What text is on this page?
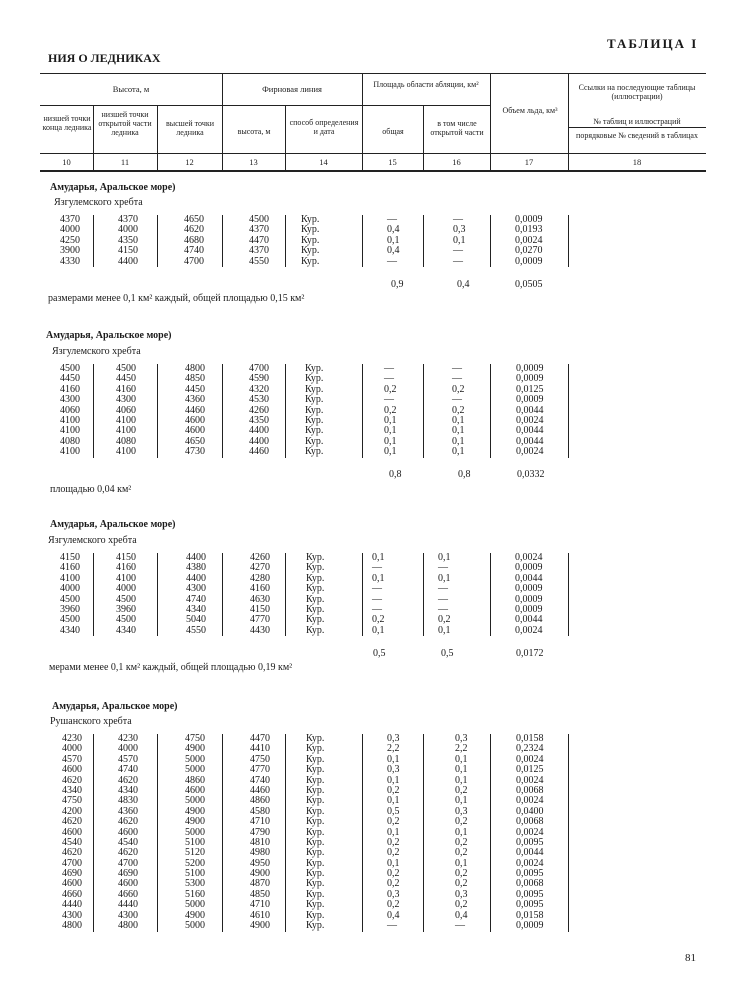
ТАБЛИЦА I
НИЯ О ЛЕДНИКАХ
Высота, м	Фирновая линия	Площадь области абляции, км²
Объем льда, км³
Ссылки на последующие таблицы (иллюстрации)
низшей точки конца ледника
низшей точки открытой части ледника
высшей точки ледника	высота, м
способ определения и дата	общая
в том числе открытой части
№ таблиц и иллюстраций
порядковые № сведений в таблицах
10	11	12	13	14	15	16	17	18
Амударья, Аральское море)
Язгулемского хребта
4370	4370	4650	4500	Кур.	—	—	0,0009
4000	4000	4620	4370	Кур.	0,4	0,3	0,0193
4250	4350	4680	4470	Кур.	0,1	0,1	0,0024
3900	4150	4740	4370	Кур.	0,4	—	0,0270
4330	4400	4700	4550	Кур.	—	—	0,0009
0,9	0,4	0,0505
размерами менее 0,1 км² каждый, общей площадью 0,15 км²
Амударья, Аральское море)
Язгулемского хребта
4500	4500	4800	4700	Кур.	—	—	0,0009
4450	4450	4850	4590	Кур.	—	—	0,0009
4160	4160	4450	4320	Кур.	0,2	0,2	0,0125
4300	4300	4360	4530	Кур.	—	—	0,0009
4060	4060	4460	4260	Кур.	0,2	0,2	0,0044
4100	4100	4600	4350	Кур.	0,1	0,1	0,0024
4100	4100	4600	4400	Кур.	0,1	0,1	0,0044
4080	4080	4650	4400	Кур.	0,1	0,1	0,0044
4100	4100	4730	4460	Кур.	0,1	0,1	0,0024
0,8	0,8	0,0332
площадью 0,04 км²
Амударья, Аральское море)
Язгулемского хребта
4150	4150	4400	4260	Кур.	0,1	0,1	0,0024
4160	4160	4380	4270	Кур.	—	—	0,0009
4100	4100	4400	4280	Кур.	0,1	0,1	0,0044
4000	4000	4300	4160	Кур.	—	—	0,0009
4500	4500	4740	4630	Кур.	—	—	0,0009
3960	3960	4340	4150	Кур.	—	—	0,0009
4500	4500	5040	4770	Кур.	0,2	0,2	0,0044
4340	4340	4550	4430	Кур.	0,1	0,1	0,0024
0,5	0,5	0,0172
мерами менее 0,1 км² каждый, общей площадью 0,19 км²
Амударья, Аральское море)
Рушанского хребта
4230	4230	4750	4470	Кур.	0,3	0,3	0,0158
4000	4000	4900	4410	Кур.	2,2	2,2	0,2324
4570	4570	5000	4750	Кур.	0,1	0,1	0,0024
4600	4740	5000	4770	Кур.	0,3	0,1	0,0125
4620	4620	4860	4740	Кур.	0,1	0,1	0,0024
4340	4340	4600	4460	Кур.	0,2	0,2	0,0068
4750	4830	5000	4860	Кур.	0,1	0,1	0,0024
4200	4360	4900	4580	Кур.	0,5	0,3	0,0400
4620	4620	4900	4710	Кур.	0,2	0,2	0,0068
4600	4600	5000	4790	Кур.	0,1	0,1	0,0024
4540	4540	5100	4810	Кур.	0,2	0,2	0,0095
4620	4620	5120	4980	Кур.	0,2	0,2	0,0044
4700	4700	5200	4950	Кур.	0,1	0,1	0,0024
4690	4690	5100	4900	Кур.	0,2	0,2	0,0095
4600	4600	5300	4870	Кур.	0,2	0,2	0,0068
4660	4660	5160	4850	Кур.	0,3	0,3	0,0095
4440	4440	5000	4710	Кур.	0,2	0,2	0,0095
4300	4300	4900	4610	Кур.	0,4	0,4	0,0158
4800	4800	5000	4900	Кур.	—	—	0,0009
81
